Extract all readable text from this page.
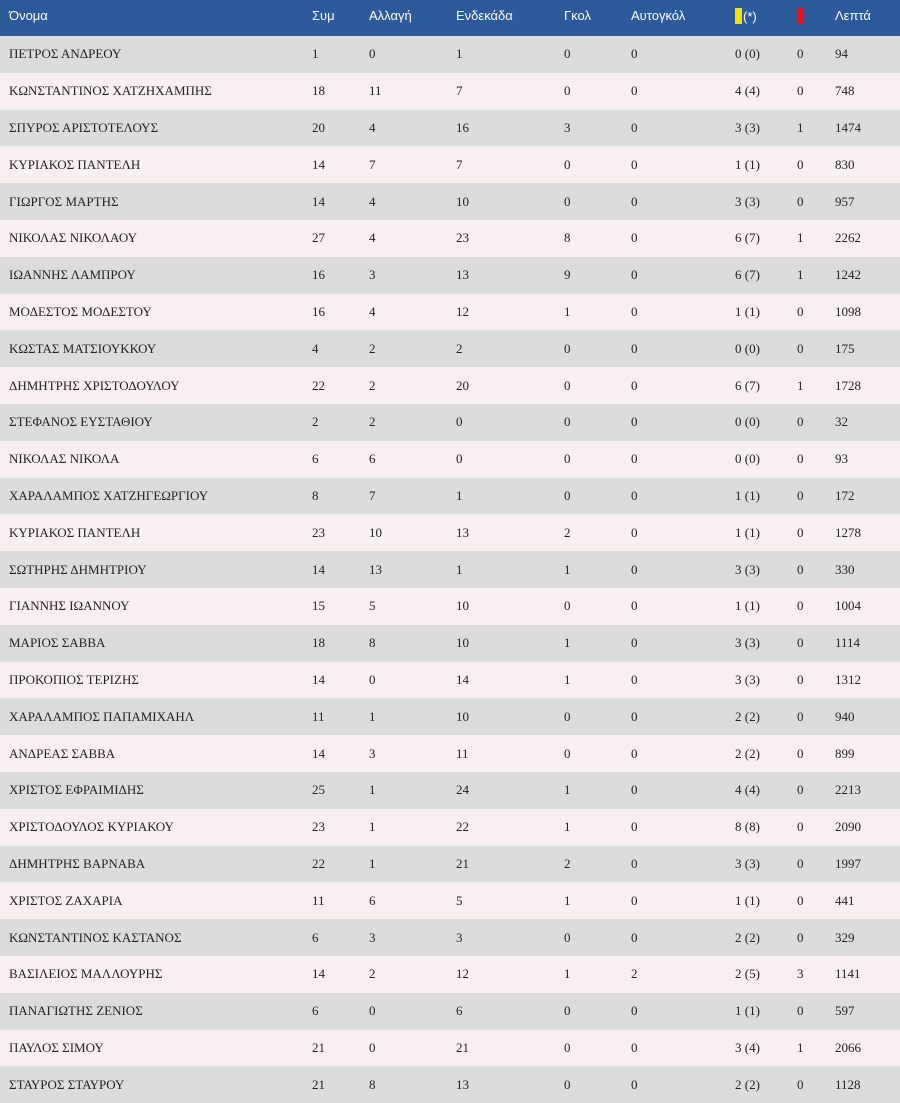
Όνομα	Συμ	Αλλαγή	Ενδεκάδα	Γκολ	Αυτογκόλ	(*)		Λεπτά
ΠΕΤΡΟΣ ΑΝΔΡΕΟΥ	1	0	1	0	0	0 (0)	0	94
ΚΩΝΣΤΑΝΤΙΝΟΣ ΧΑΤΖΗΧΑΜΠΗΣ	18	11	7	0	0	4 (4)	0	748
ΣΠΥΡΟΣ ΑΡΙΣΤΟΤΕΛΟΥΣ	20	4	16	3	0	3 (3)	1	1474
ΚΥΡΙΑΚΟΣ ΠΑΝΤΕΛΗ	14	7	7	0	0	1 (1)	0	830
ΓΙΩΡΓΟΣ ΜΑΡΤΗΣ	14	4	10	0	0	3 (3)	0	957
ΝΙΚΟΛΑΣ ΝΙΚΟΛΑΟΥ	27	4	23	8	0	6 (7)	1	2262
ΙΩΑΝΝΗΣ ΛΑΜΠΡΟΥ	16	3	13	9	0	6 (7)	1	1242
ΜΟΔΕΣΤΟΣ ΜΟΔΕΣΤΟΥ	16	4	12	1	0	1 (1)	0	1098
ΚΩΣΤΑΣ ΜΑΤΣΙΟΥΚΚΟΥ	4	2	2	0	0	0 (0)	0	175
ΔΗΜΗΤΡΗΣ ΧΡΙΣΤΟΔΟΥΛΟΥ	22	2	20	0	0	6 (7)	1	1728
ΣΤΕΦΑΝΟΣ ΕΥΣΤΑΘΙΟΥ	2	2	0	0	0	0 (0)	0	32
ΝΙΚΟΛΑΣ ΝΙΚΟΛΑ	6	6	0	0	0	0 (0)	0	93
ΧΑΡΑΛΑΜΠΟΣ ΧΑΤΖΗΓΕΩΡΓΙΟΥ	8	7	1	0	0	1 (1)	0	172
ΚΥΡΙΑΚΟΣ ΠΑΝΤΕΛΗ	23	10	13	2	0	1 (1)	0	1278
ΣΩΤΗΡΗΣ ΔΗΜΗΤΡΙΟΥ	14	13	1	1	0	3 (3)	0	330
ΓΙΑΝΝΗΣ ΙΩΑΝΝΟΥ	15	5	10	0	0	1 (1)	0	1004
ΜΑΡΙΟΣ ΣΑΒΒΑ	18	8	10	1	0	3 (3)	0	1114
ΠΡΟΚΟΠΙΟΣ ΤΕΡΙΖΗΣ	14	0	14	1	0	3 (3)	0	1312
ΧΑΡΑΛΑΜΠΟΣ ΠΑΠΑΜΙΧΑΗΛ	11	1	10	0	0	2 (2)	0	940
ΑΝΔΡΕΑΣ ΣΑΒΒΑ	14	3	11	0	0	2 (2)	0	899
ΧΡΙΣΤΟΣ ΕΦΡΑΙΜΙΔΗΣ	25	1	24	1	0	4 (4)	0	2213
ΧΡΙΣΤΟΔΟΥΛΟΣ ΚΥΡΙΑΚΟΥ	23	1	22	1	0	8 (8)	0	2090
ΔΗΜΗΤΡΗΣ ΒΑΡΝΑΒΑ	22	1	21	2	0	3 (3)	0	1997
ΧΡΙΣΤΟΣ ΖΑΧΑΡΙΑ	11	6	5	1	0	1 (1)	0	441
ΚΩΝΣΤΑΝΤΙΝΟΣ ΚΑΣΤΑΝΟΣ	6	3	3	0	0	2 (2)	0	329
ΒΑΣΙΛΕΙΟΣ ΜΑΛΛΟΥΡΗΣ	14	2	12	1	2	2 (5)	3	1141
ΠΑΝΑΓΙΩΤΗΣ ΖΕΝΙΟΣ	6	0	6	0	0	1 (1)	0	597
ΠΑΥΛΟΣ ΣΙΜΟΥ	21	0	21	0	0	3 (4)	1	2066
ΣΤΑΥΡΟΣ ΣΤΑΥΡΟΥ	21	8	13	0	0	2 (2)	0	1128
